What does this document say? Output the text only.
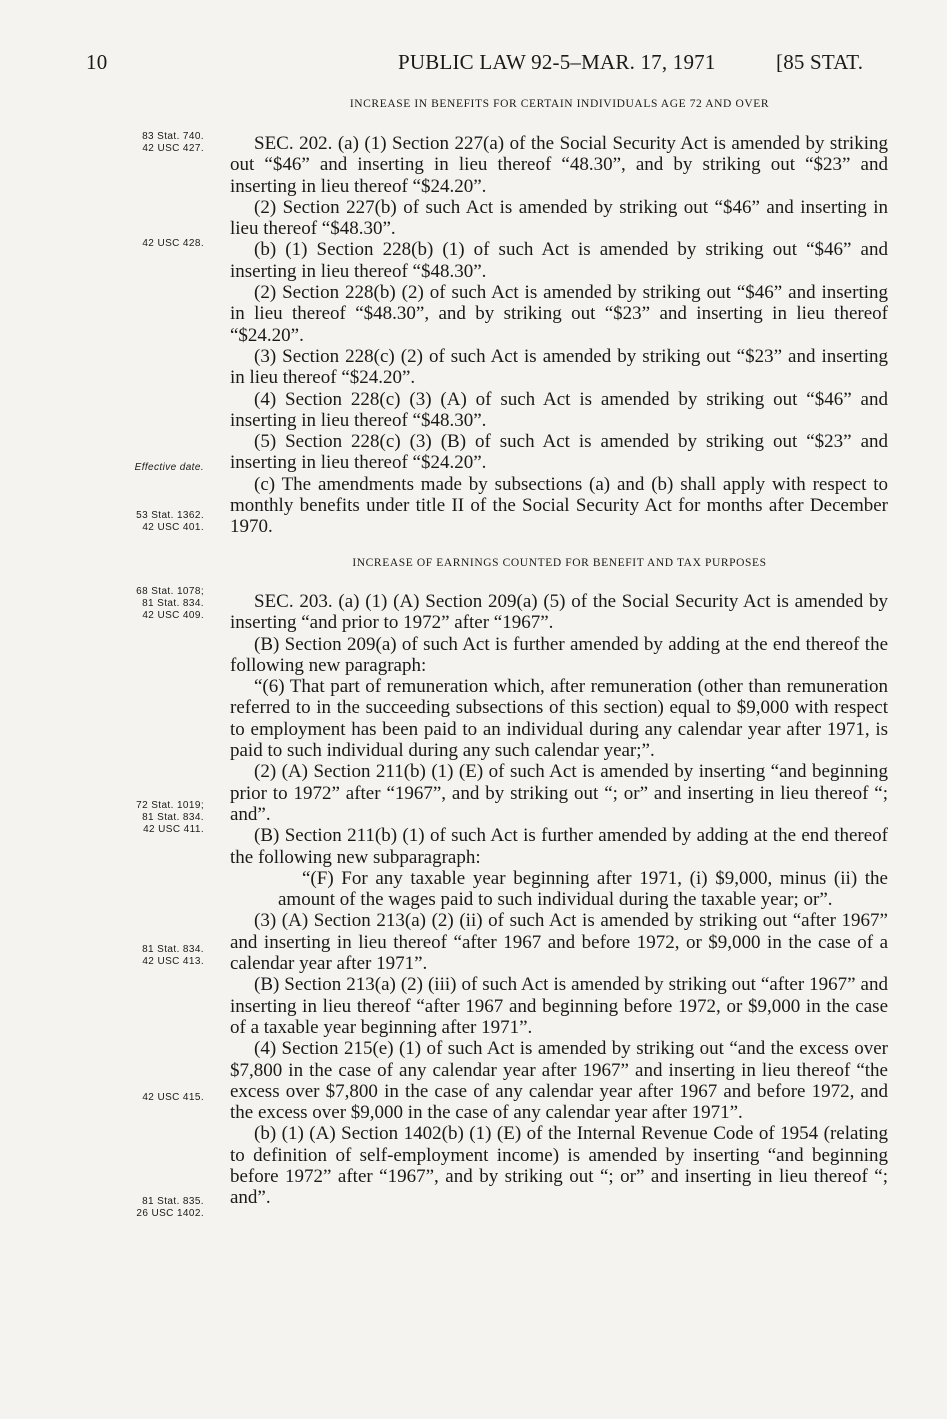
10	PUBLIC LAW 92-5–MAR. 17, 1971	[85 STAT.
INCREASE IN BENEFITS FOR CERTAIN INDIVIDUALS AGE 72 AND OVER

SEC. 202. (a) (1) Section 227(a) of the Social Security Act is amended by striking out “$46” and inserting in lieu thereof “48.30”, and by striking out “$23” and inserting in lieu thereof “$24.20”.

(2) Section 227(b) of such Act is amended by striking out “$46” and inserting in lieu thereof “$48.30”.

(b) (1) Section 228(b) (1) of such Act is amended by striking out “$46” and inserting in lieu thereof “$48.30”.

(2) Section 228(b) (2) of such Act is amended by striking out “$46” and inserting in lieu thereof “$48.30”, and by striking out “$23” and inserting in lieu thereof “$24.20”.

(3) Section 228(c) (2) of such Act is amended by striking out “$23” and inserting in lieu thereof “$24.20”.

(4) Section 228(c) (3) (A) of such Act is amended by striking out “$46” and inserting in lieu thereof “$48.30”.

(5) Section 228(c) (3) (B) of such Act is amended by striking out “$23” and inserting in lieu thereof “$24.20”.

(c) The amendments made by subsections (a) and (b) shall apply with respect to monthly benefits under title II of the Social Security Act for months after December 1970.

INCREASE OF EARNINGS COUNTED FOR BENEFIT AND TAX PURPOSES

SEC. 203. (a) (1) (A) Section 209(a) (5) of the Social Security Act is amended by inserting “and prior to 1972” after “1967”.

(B) Section 209(a) of such Act is further amended by adding at the end thereof the following new paragraph:

“(6) That part of remuneration which, after remuneration (other than remuneration referred to in the succeeding subsections of this section) equal to $9,000 with respect to employment has been paid to an individual during any calendar year after 1971, is paid to such individual during any such calendar year;”.

(2) (A) Section 211(b) (1) (E) of such Act is amended by inserting “and beginning prior to 1972” after “1967”, and by striking out “; or” and inserting in lieu thereof “; and”.

(B) Section 211(b) (1) of such Act is further amended by adding at the end thereof the following new subparagraph:

“(F) For any taxable year beginning after 1971, (i) $9,000, minus (ii) the amount of the wages paid to such individual during the taxable year; or”.

(3) (A) Section 213(a) (2) (ii) of such Act is amended by striking out “after 1967” and inserting in lieu thereof “after 1967 and before 1972, or $9,000 in the case of a calendar year after 1971”.

(B) Section 213(a) (2) (iii) of such Act is amended by striking out “after 1967” and inserting in lieu thereof “after 1967 and beginning before 1972, or $9,000 in the case of a taxable year beginning after 1971”.

(4) Section 215(e) (1) of such Act is amended by striking out “and the excess over $7,800 in the case of any calendar year after 1967” and inserting in lieu thereof “the excess over $7,800 in the case of any calendar year after 1967 and before 1972, and the excess over $9,000 in the case of any calendar year after 1971”.

(b) (1) (A) Section 1402(b) (1) (E) of the Internal Revenue Code of 1954 (relating to definition of self-employment income) is amended by inserting “and beginning before 1972” after “1967”, and by striking out “; or” and inserting in lieu thereof “; and”.

83 Stat. 740.
42 USC 427.
42 USC 428.
Effective date.
53 Stat. 1362.
42 USC 401.
68 Stat. 1078;
81 Stat. 834.
42 USC 409.
72 Stat. 1019;
81 Stat. 834.
42 USC 411.
81 Stat. 834.
42 USC 413.
42 USC 415.
81 Stat. 835.
26 USC 1402.
